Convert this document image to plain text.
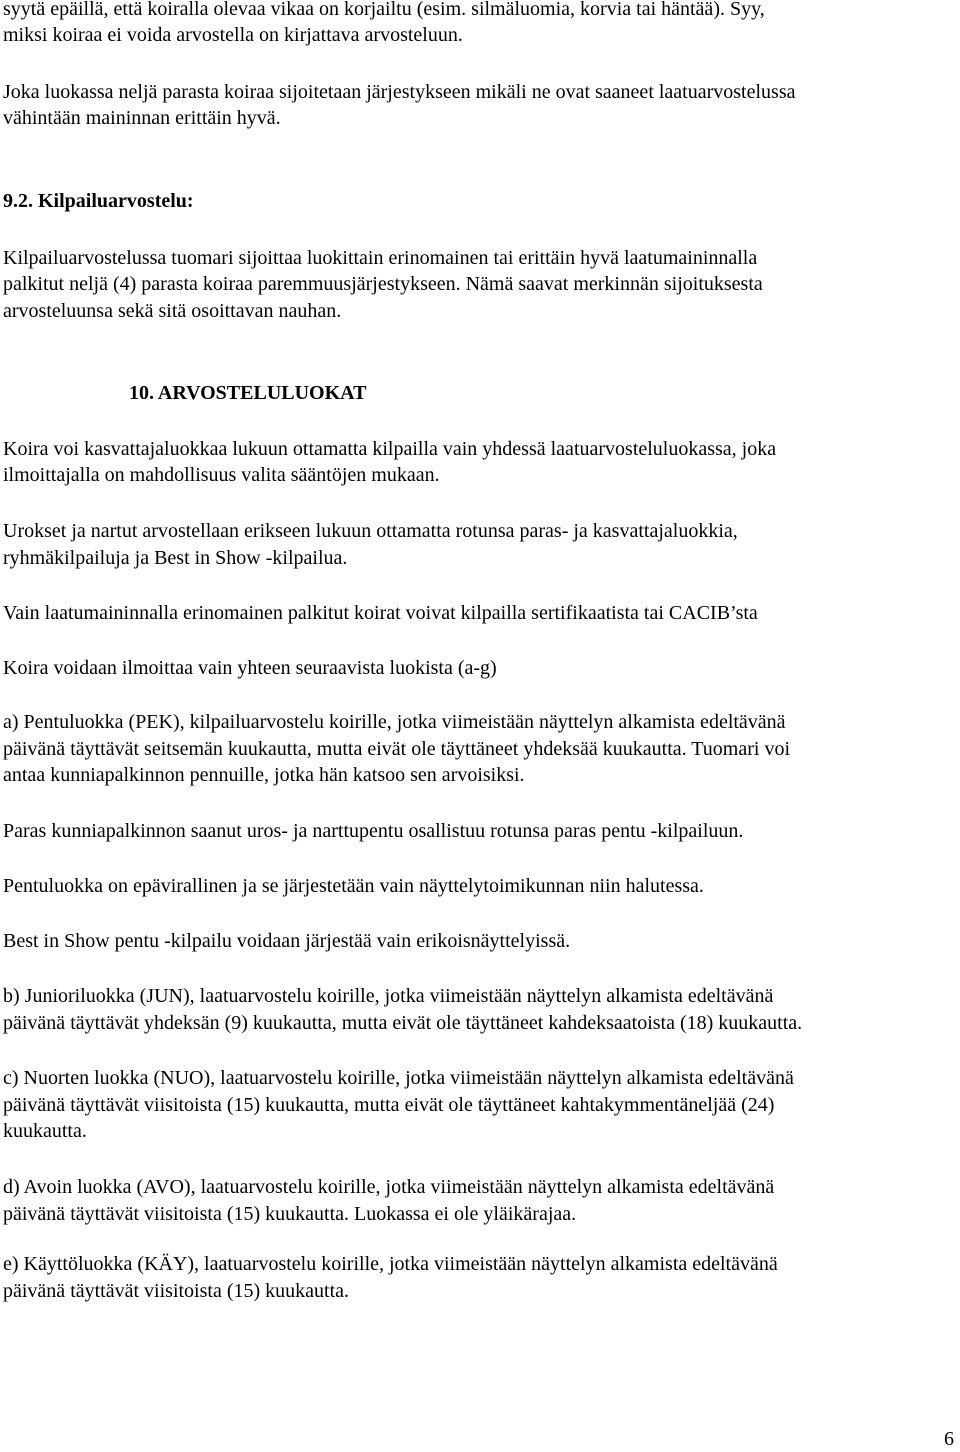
syytä epäillä, että koiralla olevaa vikaa on korjailtu (esim. silmäluomia, korvia tai häntää). Syy,
miksi koiraa ei voida arvostella on kirjattava arvosteluun.
Joka luokassa neljä parasta koiraa sijoitetaan järjestykseen mikäli ne ovat saaneet laatuarvostelussa
vähintään maininnan erittäin hyvä.
9.2. Kilpailuarvostelu:
Kilpailuarvostelussa tuomari sijoittaa luokittain erinomainen tai erittäin hyvä laatumaininnalla
palkitut neljä (4) parasta koiraa paremmuusjärjestykseen. Nämä saavat merkinnän sijoituksesta
arvosteluunsa sekä sitä osoittavan nauhan.
10. ARVOSTELULUOKAT
Koira voi kasvattajaluokkaa lukuun ottamatta kilpailla vain yhdessä laatuarvosteluluokassa, joka
ilmoittajalla on mahdollisuus valita sääntöjen mukaan.
Urokset ja nartut arvostellaan erikseen lukuun ottamatta rotunsa paras- ja kasvattajaluokkia,
ryhmäkilpailuja ja Best in Show -kilpailua.
Vain laatumaininnalla erinomainen palkitut koirat voivat kilpailla sertifikaatista tai CACIB’sta
Koira voidaan ilmoittaa vain yhteen seuraavista luokista (a-g)
a) Pentuluokka (PEK), kilpailuarvostelu koirille, jotka viimeistään näyttelyn alkamista edeltävänä
päivänä täyttävät seitsemän kuukautta, mutta eivät ole täyttäneet yhdeksää kuukautta. Tuomari voi
antaa kunniapalkinnon pennuille, jotka hän katsoo sen arvoisiksi.
Paras kunniapalkinnon saanut uros- ja narttupentu osallistuu rotunsa paras pentu -kilpailuun.
Pentuluokka on epävirallinen ja se järjestetään vain näyttelytoimikunnan niin halutessa.
Best in Show pentu -kilpailu voidaan järjestää vain erikoisnäyttelyissä.
b) Junioriluokka (JUN), laatuarvostelu koirille, jotka viimeistään näyttelyn alkamista edeltävänä
päivänä täyttävät yhdeksän (9) kuukautta, mutta eivät ole täyttäneet kahdeksaatoista (18) kuukautta.
c) Nuorten luokka (NUO), laatuarvostelu koirille, jotka viimeistään näyttelyn alkamista edeltävänä
päivänä täyttävät viisitoista (15) kuukautta, mutta eivät ole täyttäneet kahtakymmentäneljää (24)
kuukautta.
d) Avoin luokka (AVO), laatuarvostelu koirille, jotka viimeistään näyttelyn alkamista edeltävänä
päivänä täyttävät viisitoista (15) kuukautta. Luokassa ei ole yläikärajaa.
e) Käyttöluokka (KÄY), laatuarvostelu koirille, jotka viimeistään näyttelyn alkamista edeltävänä
päivänä täyttävät viisitoista (15) kuukautta.
6
